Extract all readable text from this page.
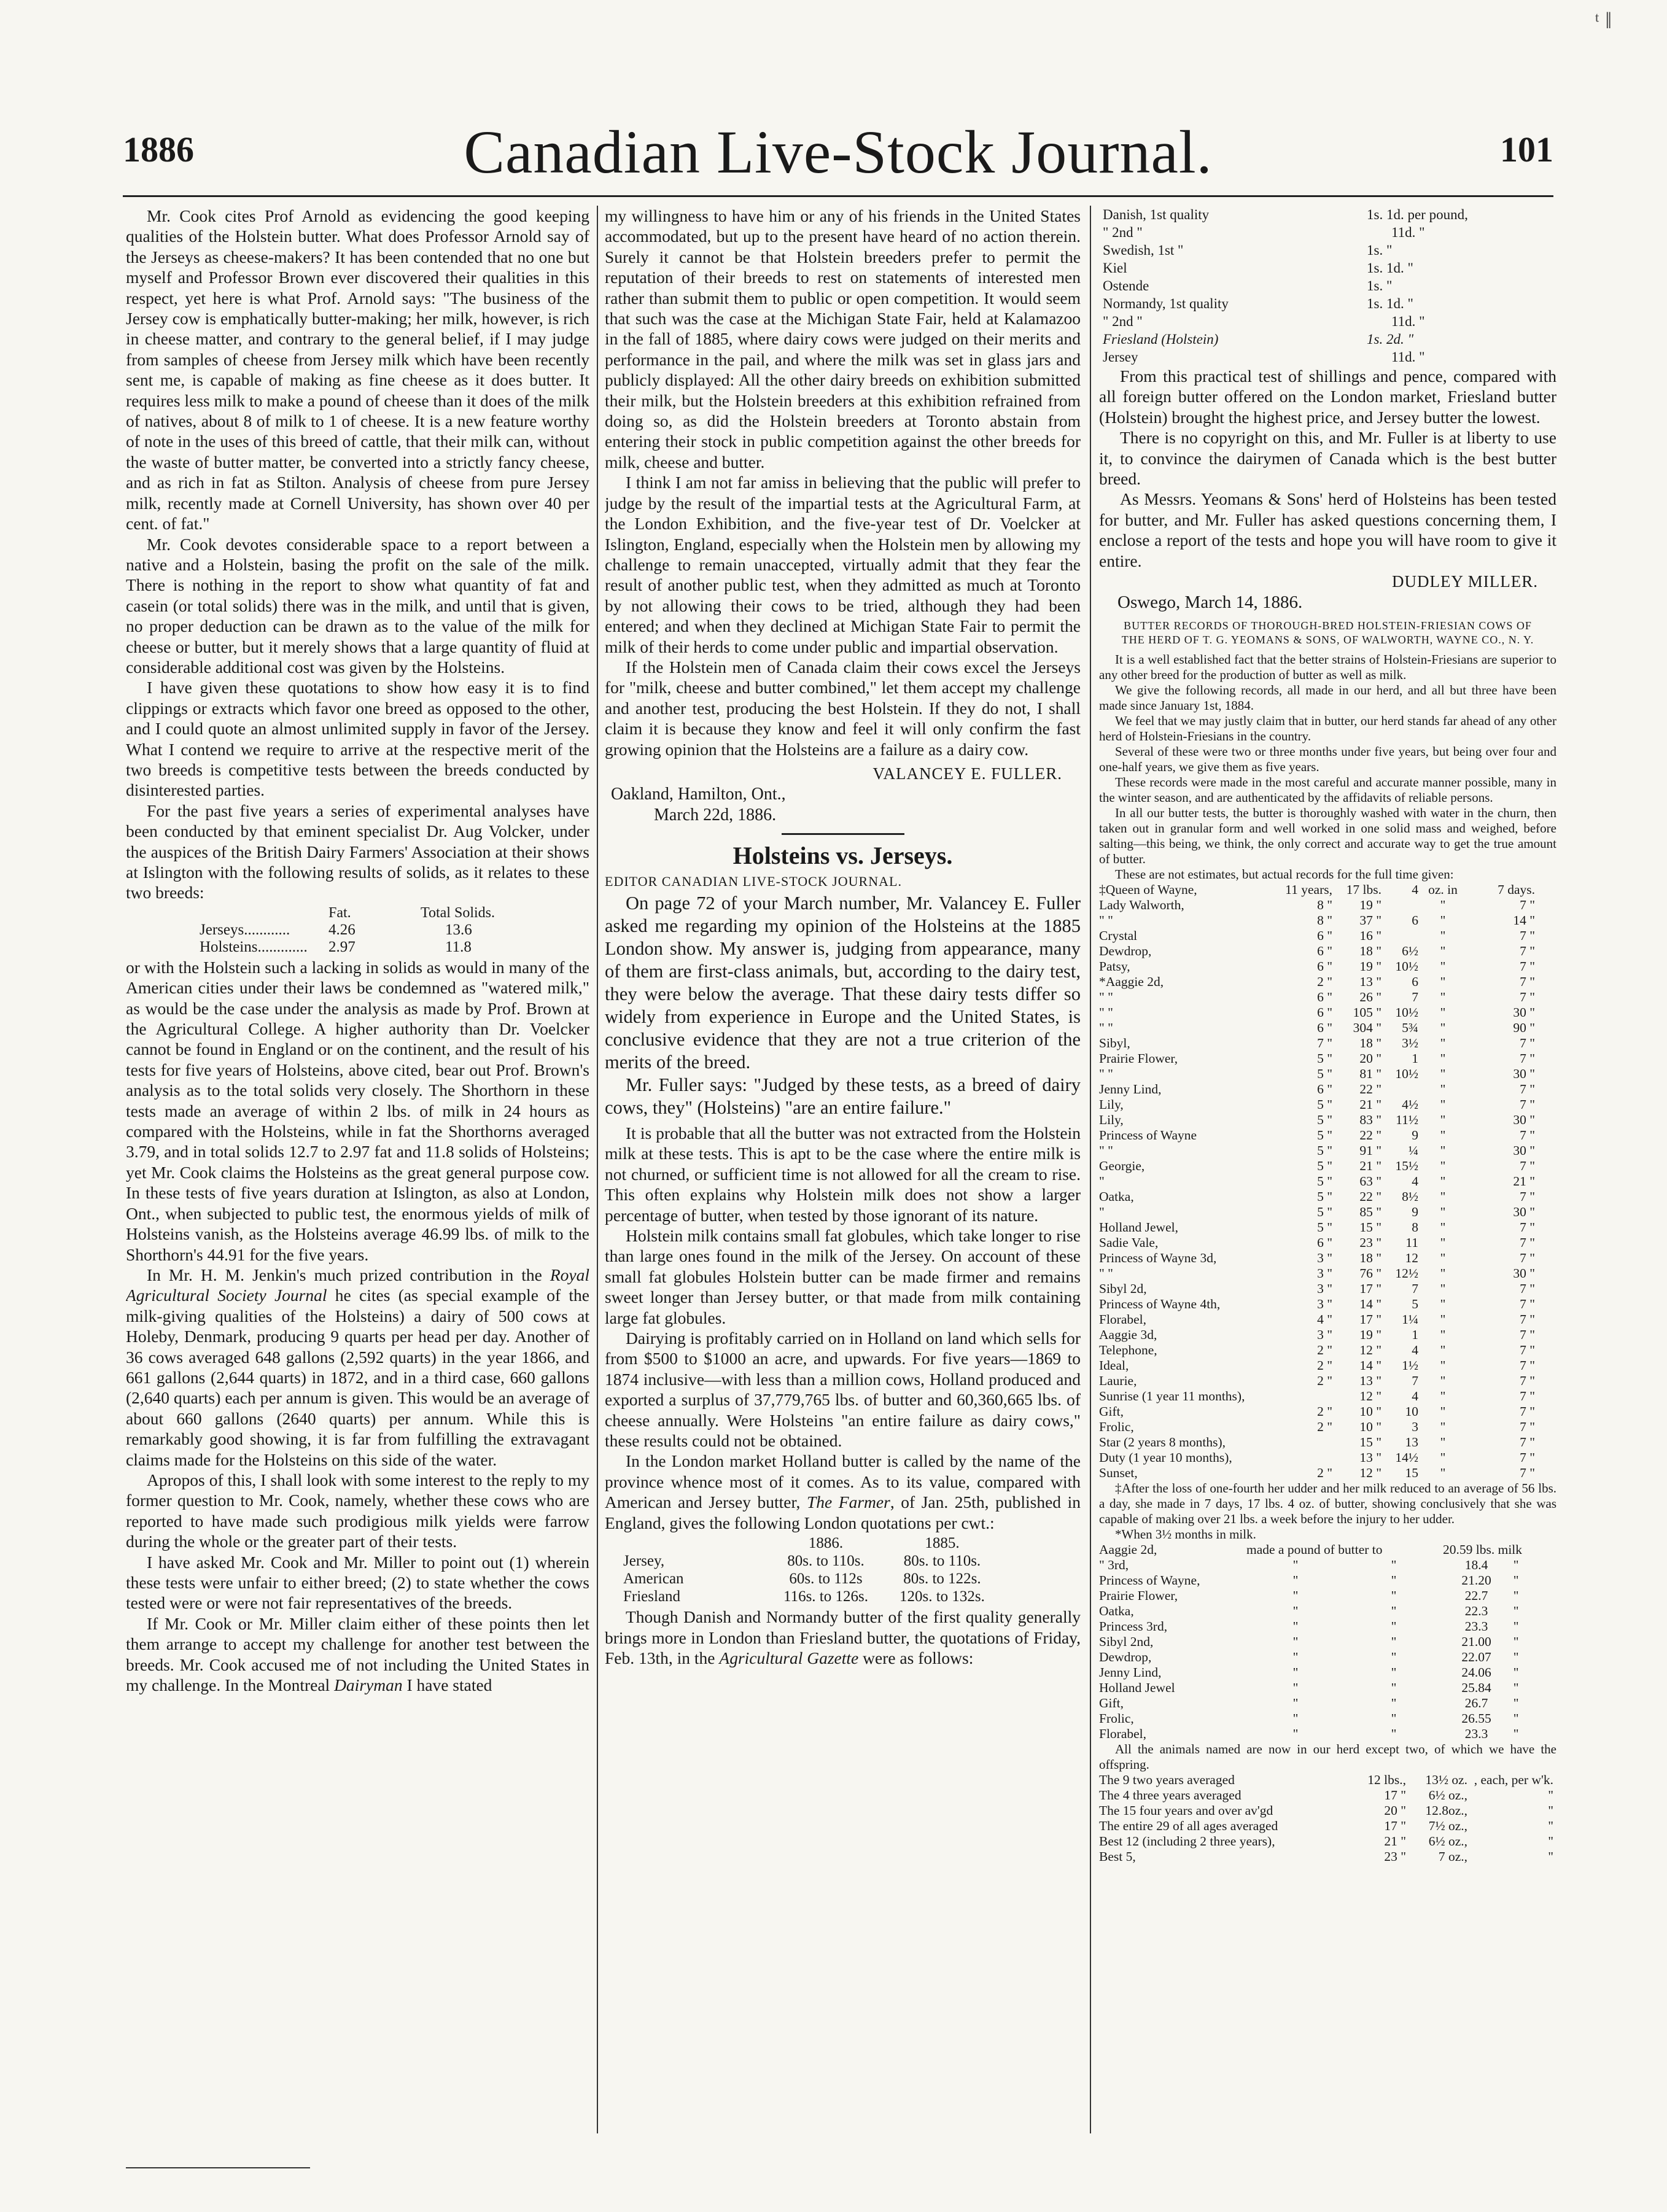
ᵗ ǁ
1886	Canadian Live-Stock Journal.	101

Mr. Cook cites Prof Arnold as evidencing the good keeping qualities of the Holstein butter. What does Professor Arnold say of the Jerseys as cheese-makers? It has been contended that no one but myself and Professor Brown ever discovered their qualities in this respect, yet here is what Prof. Arnold says: "The business of the Jersey cow is emphatically butter-making; her milk, however, is rich in cheese matter, and contrary to the general belief, if I may judge from samples of cheese from Jersey milk which have been recently sent me, is capable of making as fine cheese as it does butter. It requires less milk to make a pound of cheese than it does of the milk of natives, about 8 of milk to 1 of cheese. It is a new feature worthy of note in the uses of this breed of cattle, that their milk can, without the waste of butter matter, be converted into a strictly fancy cheese, and as rich in fat as Stilton. Analysis of cheese from pure Jersey milk, recently made at Cornell University, has shown over 40 per cent. of fat."

Mr. Cook devotes considerable space to a report between a native and a Holstein, basing the profit on the sale of the milk. There is nothing in the report to show what quantity of fat and casein (or total solids) there was in the milk, and until that is given, no proper deduction can be drawn as to the value of the milk for cheese or butter, but it merely shows that a large quantity of fluid at considerable additional cost was given by the Holsteins.

I have given these quotations to show how easy it is to find clippings or extracts which favor one breed as opposed to the other, and I could quote an almost unlimited supply in favor of the Jersey. What I contend we require to arrive at the respective merit of the two breeds is competitive tests between the breeds conducted by disinterested parties.

For the past five years a series of experimental analyses have been conducted by that eminent specialist Dr. Aug Volcker, under the auspices of the British Dairy Farmers' Association at their shows at Islington with the following results of solids, as it relates to these two breeds:

	Fat.	Total Solids.
Jerseys............	4.26	13.6
Holsteins.............	2.97	11.8

or with the Holstein such a lacking in solids as would in many of the American cities under their laws be condemned as "watered milk," as would be the case under the analysis as made by Prof. Brown at the Agricultural College. A higher authority than Dr. Voelcker cannot be found in England or on the continent, and the result of his tests for five years of Holsteins, above cited, bear out Prof. Brown's analysis as to the total solids very closely. The Shorthorn in these tests made an average of within 2 lbs. of milk in 24 hours as compared with the Holsteins, while in fat the Shorthorns averaged 3.79, and in total solids 12.7 to 2.97 fat and 11.8 solids of Holsteins; yet Mr. Cook claims the Holsteins as the great general purpose cow. In these tests of five years duration at Islington, as also at London, Ont., when subjected to public test, the enormous yields of milk of Holsteins vanish, as the Holsteins average 46.99 lbs. of milk to the Shorthorn's 44.91 for the five years.

In Mr. H. M. Jenkin's much prized contribution in the Royal Agricultural Society Journal he cites (as special example of the milk-giving qualities of the Holsteins) a dairy of 500 cows at Holeby, Denmark, producing 9 quarts per head per day. Another of 36 cows averaged 648 gallons (2,592 quarts) in the year 1866, and 661 gallons (2,644 quarts) in 1872, and in a third case, 660 gallons (2,640 quarts) each per annum is given. This would be an average of about 660 gallons (2640 quarts) per annum. While this is remarkably good showing, it is far from fulfilling the extravagant claims made for the Holsteins on this side of the water.

Apropos of this, I shall look with some interest to the reply to my former question to Mr. Cook, namely, whether these cows who are reported to have made such prodigious milk yields were farrow during the whole or the greater part of their tests.

I have asked Mr. Cook and Mr. Miller to point out (1) wherein these tests were unfair to either breed; (2) to state whether the cows tested were or were not fair representatives of the breeds.

If Mr. Cook or Mr. Miller claim either of these points then let them arrange to accept my challenge for another test between the breeds. Mr. Cook accused me of not including the United States in my challenge. In the Montreal Dairyman I have stated

my willingness to have him or any of his friends in the United States accommodated, but up to the present have heard of no action therein. Surely it cannot be that Holstein breeders prefer to permit the reputation of their breeds to rest on statements of interested men rather than submit them to public or open competition. It would seem that such was the case at the Michigan State Fair, held at Kalamazoo in the fall of 1885, where dairy cows were judged on their merits and performance in the pail, and where the milk was set in glass jars and publicly displayed: All the other dairy breeds on exhibition submitted their milk, but the Holstein breeders at this exhibition refrained from doing so, as did the Holstein breeders at Toronto abstain from entering their stock in public competition against the other breeds for milk, cheese and butter.

I think I am not far amiss in believing that the public will prefer to judge by the result of the impartial tests at the Agricultural Farm, at the London Exhibition, and the five-year test of Dr. Voelcker at Islington, England, especially when the Holstein men by allowing my challenge to remain unaccepted, virtually admit that they fear the result of another public test, when they admitted as much at Toronto by not allowing their cows to be tried, although they had been entered; and when they declined at Michigan State Fair to permit the milk of their herds to come under public and impartial observation.

If the Holstein men of Canada claim their cows excel the Jerseys for "milk, cheese and butter combined," let them accept my challenge and another test, producing the best Holstein. If they do not, I shall claim it is because they know and feel it will only confirm the fast growing opinion that the Holsteins are a failure as a dairy cow.

VALANCEY E. FULLER.
Oakland, Hamilton, Ont.,
March 22d, 1886.
Holsteins vs. Jerseys.
EDITOR CANADIAN LIVE-STOCK JOURNAL.

On page 72 of your March number, Mr. Valancey E. Fuller asked me regarding my opinion of the Holsteins at the 1885 London show. My answer is, judging from appearance, many of them are first-class animals, but, according to the dairy test, they were below the average. That these dairy tests differ so widely from experience in Europe and the United States, is conclusive evidence that they are not a true criterion of the merits of the breed.

Mr. Fuller says: "Judged by these tests, as a breed of dairy cows, they" (Holsteins) "are an entire failure."

It is probable that all the butter was not extracted from the Holstein milk at these tests. This is apt to be the case where the entire milk is not churned, or sufficient time is not allowed for all the cream to rise. This often explains why Holstein milk does not show a larger percentage of butter, when tested by those ignorant of its nature.

Holstein milk contains small fat globules, which take longer to rise than large ones found in the milk of the Jersey. On account of these small fat globules Holstein butter can be made firmer and remains sweet longer than Jersey butter, or that made from milk containing large fat globules.

Dairying is profitably carried on in Holland on land which sells for from $500 to $1000 an acre, and upwards. For five years—1869 to 1874 inclusive—with less than a million cows, Holland produced and exported a surplus of 37,779,765 lbs. of butter and 60,360,665 lbs. of cheese annually. Were Holsteins "an entire failure as dairy cows," these results could not be obtained.

In the London market Holland butter is called by the name of the province whence most of it comes. As to its value, compared with American and Jersey butter, The Farmer, of Jan. 25th, published in England, gives the following London quotations per cwt.:

	1886.	1885.
Jersey,	80s. to 110s.	80s. to 110s.
American	60s. to 112s	80s. to 122s.
Friesland	116s. to 126s.	120s. to 132s.

Though Danish and Normandy butter of the first quality generally brings more in London than Friesland butter, the quotations of Friday, Feb. 13th, in the Agricultural Gazette were as follows:

Danish, 1st quality	1s. 1d. per pound,
" 2nd "	11d. "
Swedish, 1st "	1s. "
Kiel	1s. 1d. "
Ostende	1s. "
Normandy, 1st quality	1s. 1d. "
" 2nd "	11d. "
Friesland (Holstein)	1s. 2d. "
Jersey	11d. "

From this practical test of shillings and pence, compared with all foreign butter offered on the London market, Friesland butter (Holstein) brought the highest price, and Jersey butter the lowest.

There is no copyright on this, and Mr. Fuller is at liberty to use it, to convince the dairymen of Canada which is the best butter breed.

As Messrs. Yeomans & Sons' herd of Holsteins has been tested for butter, and Mr. Fuller has asked questions concerning them, I enclose a report of the tests and hope you will have room to give it entire.

DUDLEY MILLER.
Oswego, March 14, 1886.
BUTTER RECORDS OF THOROUGH-BRED HOLSTEIN-FRIESIAN COWS OF THE HERD OF T. G. YEOMANS & SONS, OF WALWORTH, WAYNE CO., N. Y.

It is a well established fact that the better strains of Holstein-Friesians are superior to any other breed for the production of butter as well as milk.

We give the following records, all made in our herd, and all but three have been made since January 1st, 1884.

We feel that we may justly claim that in butter, our herd stands far ahead of any other herd of Holstein-Friesians in the country.

Several of these were two or three months under five years, but being over four and one-half years, we give them as five years.

These records were made in the most careful and accurate manner possible, many in the winter season, and are authenticated by the affidavits of reliable persons.

In all our butter tests, the butter is thoroughly washed with water in the churn, then taken out in granular form and well worked in one solid mass and weighed, before salting—this being, we think, the only correct and accurate way to get the true amount of butter.

These are not estimates, but actual records for the full time given:

‡Queen of Wayne,	11 years,	17 lbs.	4	oz. in	7 days.
Lady Walworth,	8 "	19 "		"	7 "
" "	8 "	37 "	6	"	14 "
Crystal	6 "	16 "		"	7 "
Dewdrop,	6 "	18 "	6½	"	7 "
Patsy,	6 "	19 "	10½	"	7 "
*Aaggie 2d,	2 "	13 "	6	"	7 "
" "	6 "	26 "	7	"	7 "
" "	6 "	105 "	10½	"	30 "
" "	6 "	304 "	5¾	"	90 "
Sibyl,	7 "	18 "	3½	"	7 "
Prairie Flower,	5 "	20 "	1	"	7 "
" "	5 "	81 "	10½	"	30 "
Jenny Lind,	6 "	22 "		"	7 "
Lily,	5 "	21 "	4½	"	7 "
Lily,	5 "	83 "	11½	"	30 "
Princess of Wayne	5 "	22 "	9	"	7 "
" "	5 "	91 "	¼	"	30 "
Georgie,	5 "	21 "	15½	"	7 "
"	5 "	63 "	4	"	21 "
Oatka,	5 "	22 "	8½	"	7 "
"	5 "	85 "	9	"	30 "
Holland Jewel,	5 "	15 "	8	"	7 "
Sadie Vale,	6 "	23 "	11	"	7 "
Princess of Wayne 3d,	3 "	18 "	12	"	7 "
" "	3 "	76 "	12½	"	30 "
Sibyl 2d,	3 "	17 "	7	"	7 "
Princess of Wayne 4th,	3 "	14 "	5	"	7 "
Florabel,	4 "	17 "	1¼	"	7 "
Aaggie 3d,	3 "	19 "	1	"	7 "
Telephone,	2 "	12 "	4	"	7 "
Ideal,	2 "	14 "	1½	"	7 "
Laurie,	2 "	13 "	7	"	7 "
Sunrise (1 year 11 months),		12 "	4	"	7 "
Gift,	2 "	10 "	10	"	7 "
Frolic,	2 "	10 "	3	"	7 "
Star (2 years 8 months),		15 "	13	"	7 "
Duty (1 year 10 months),		13 "	14½	"	7 "
Sunset,	2 "	12 "	15	"	7 "

‡After the loss of one-fourth her udder and her milk reduced to an average of 56 lbs. a day, she made in 7 days, 17 lbs. 4 oz. of butter, showing conclusively that she was capable of making over 21 lbs. a week before the injury to her udder.

*When 3½ months in milk.

Aaggie 2d,	made a pound of butter to		20.59 lbs. milk	
" 3rd,	"	"	18.4	"
Princess of Wayne,	"	"	21.20	"
Prairie Flower,	"	"	22.7	"
Oatka,	"	"	22.3	"
Princess 3rd,	"	"	23.3	"
Sibyl 2nd,	"	"	21.00	"
Dewdrop,	"	"	22.07	"
Jenny Lind,	"	"	24.06	"
Holland Jewel	"	"	25.84	"
Gift,	"	"	26.7	"
Frolic,	"	"	26.55	"
Florabel,	"	"	23.3	"

All the animals named are now in our herd except two, of which we have the offspring.

The 9 two years averaged	12 lbs.,	13½ oz.	, each, per w'k.
The 4 three years averaged	17 "	6½ oz.,	"
The 15 four years and over av'gd	20 "	12.8oz.,	"
The entire 29 of all ages averaged	17 "	7½ oz.,	"
Best 12 (including 2 three years),	21 "	6½ oz.,	"
Best 5,	23 "	7 oz.,	"
